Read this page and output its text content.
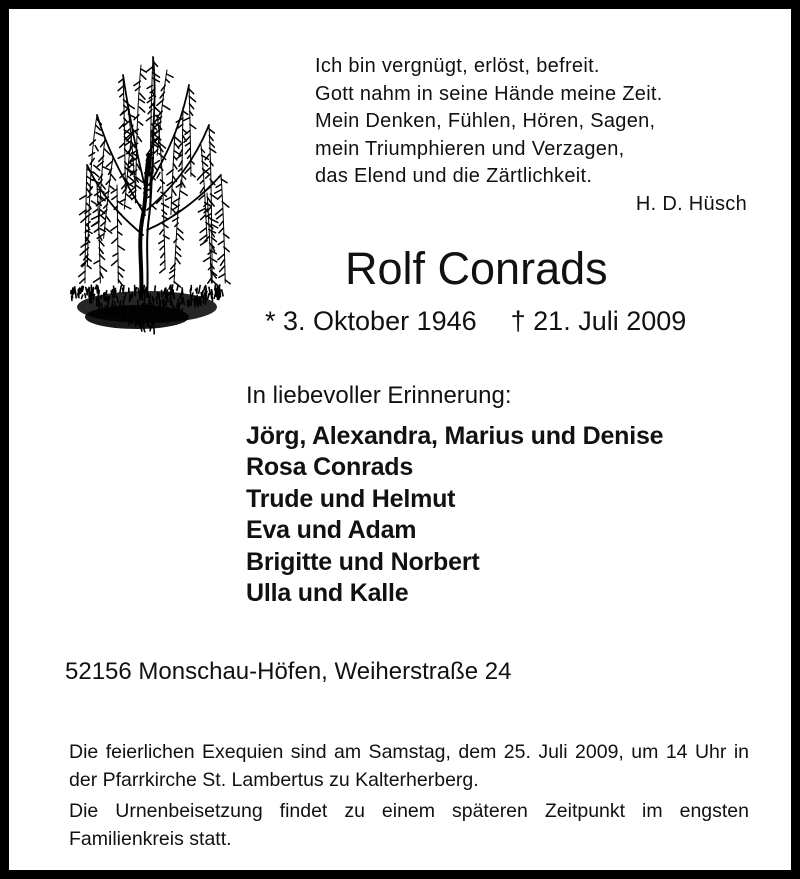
Ich bin vergnügt, erlöst, befreit.
Gott nahm in seine Hände meine Zeit.
Mein Denken, Fühlen, Hören, Sagen,
mein Triumphieren und Verzagen,
das Elend und die Zärtlichkeit.
H. D. Hüsch
Rolf Conrads
* 3. Oktober 1946 † 21. Juli 2009
In liebevoller Erinnerung:
Jörg, Alexandra, Marius und Denise
Rosa Conrads
Trude und Helmut
Eva und Adam
Brigitte und Norbert
Ulla und Kalle
52156 Monschau-Höfen, Weiherstraße 24
Die feierlichen Exequien sind am Samstag, dem 25. Juli 2009, um 14 Uhr in der Pfarrkirche St. Lambertus zu Kalterherberg.
Die Urnenbeisetzung findet zu einem späteren Zeitpunkt im engsten Familienkreis statt.
